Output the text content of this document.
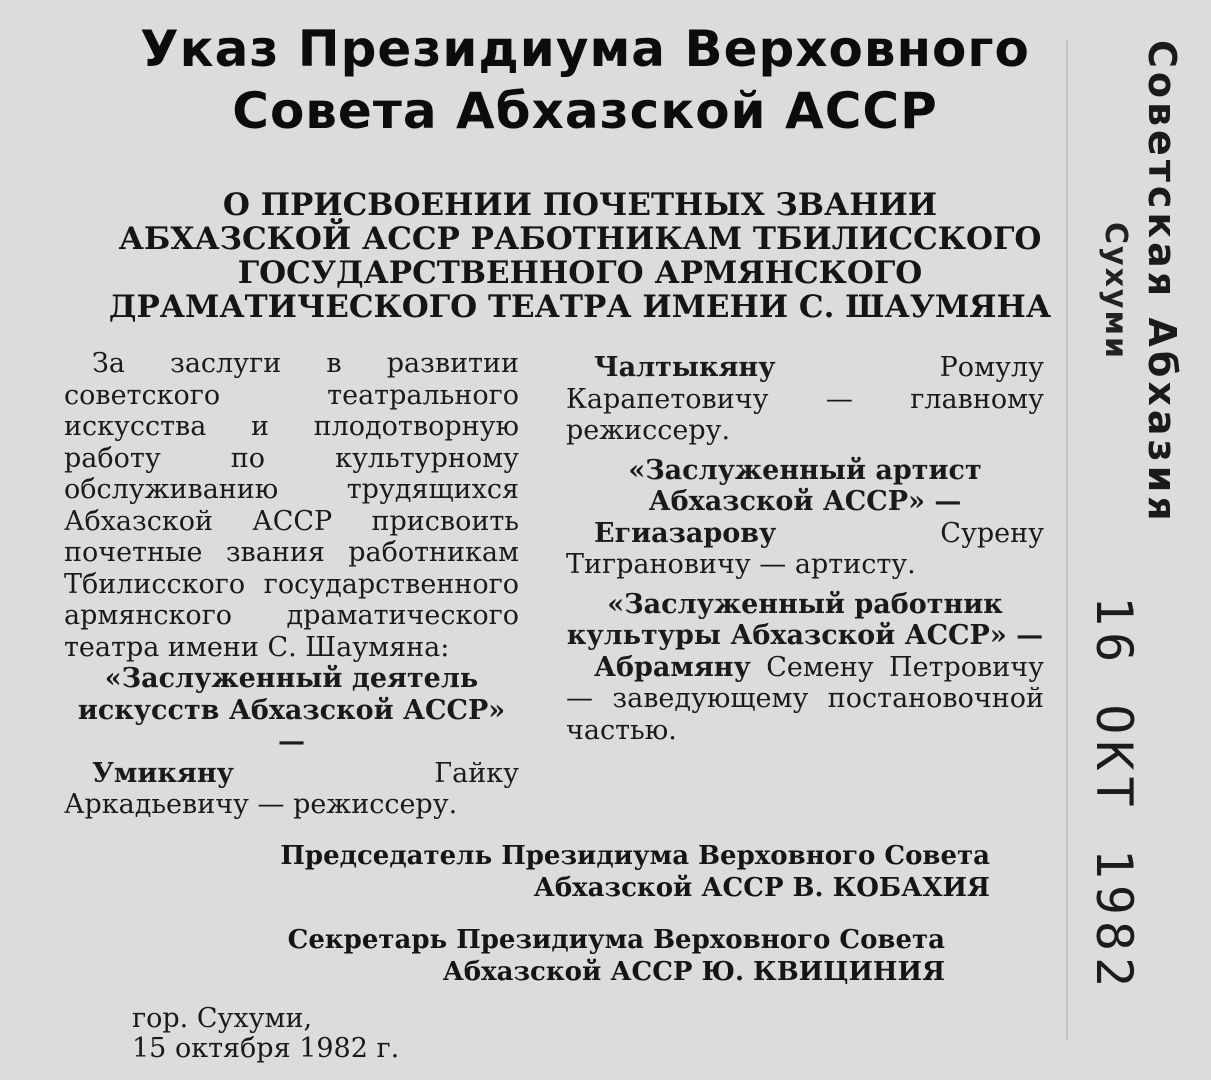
Указ Президиума Верховного
Совета Абхазской АССР
О ПРИСВОЕНИИ ПОЧЕТНЫХ ЗВАНИИ
АБХАЗСКОЙ АССР РАБОТНИКАМ ТБИЛИССКОГО
ГОСУДАРСТВЕННОГО АРМЯНСКОГО
ДРАМАТИЧЕСКОГО ТЕАТРА ИМЕНИ С. ШАУМЯНА

За заслуги в развитии советского театрального искусства и плодотворную работу по культурному обслуживанию трудящихся Абхазской АССР присвоить почетные звания работникам Тбилисского государственного армянского драматического театра имени С. Шаумяна:

«Заслуженный деятель искусств Абхазской АССР» —

Умикяну Гайку Аркадьевичу — режиссеру.

Чалтыкяну Ромулу Карапетовичу — главному режиссеру.

«Заслуженный артист Абхазской АССР» —

Егиазарову Сурену Тиграновичу — артисту.

«Заслуженный работник культуры Абхазской АССР» —

Абрамяну Семену Петровичу — заведующему постановочной частью.

Председатель Президиума Верховного Совета
Абхазской АССР В. КОБАХИЯ
Секретарь Президиума Верховного Совета
Абхазской АССР Ю. КВИЦИНИЯ
гор. Сухуми,
15 октября 1982 г.
Советская Абхазия
Сухуми
16 ОКТ 1982
